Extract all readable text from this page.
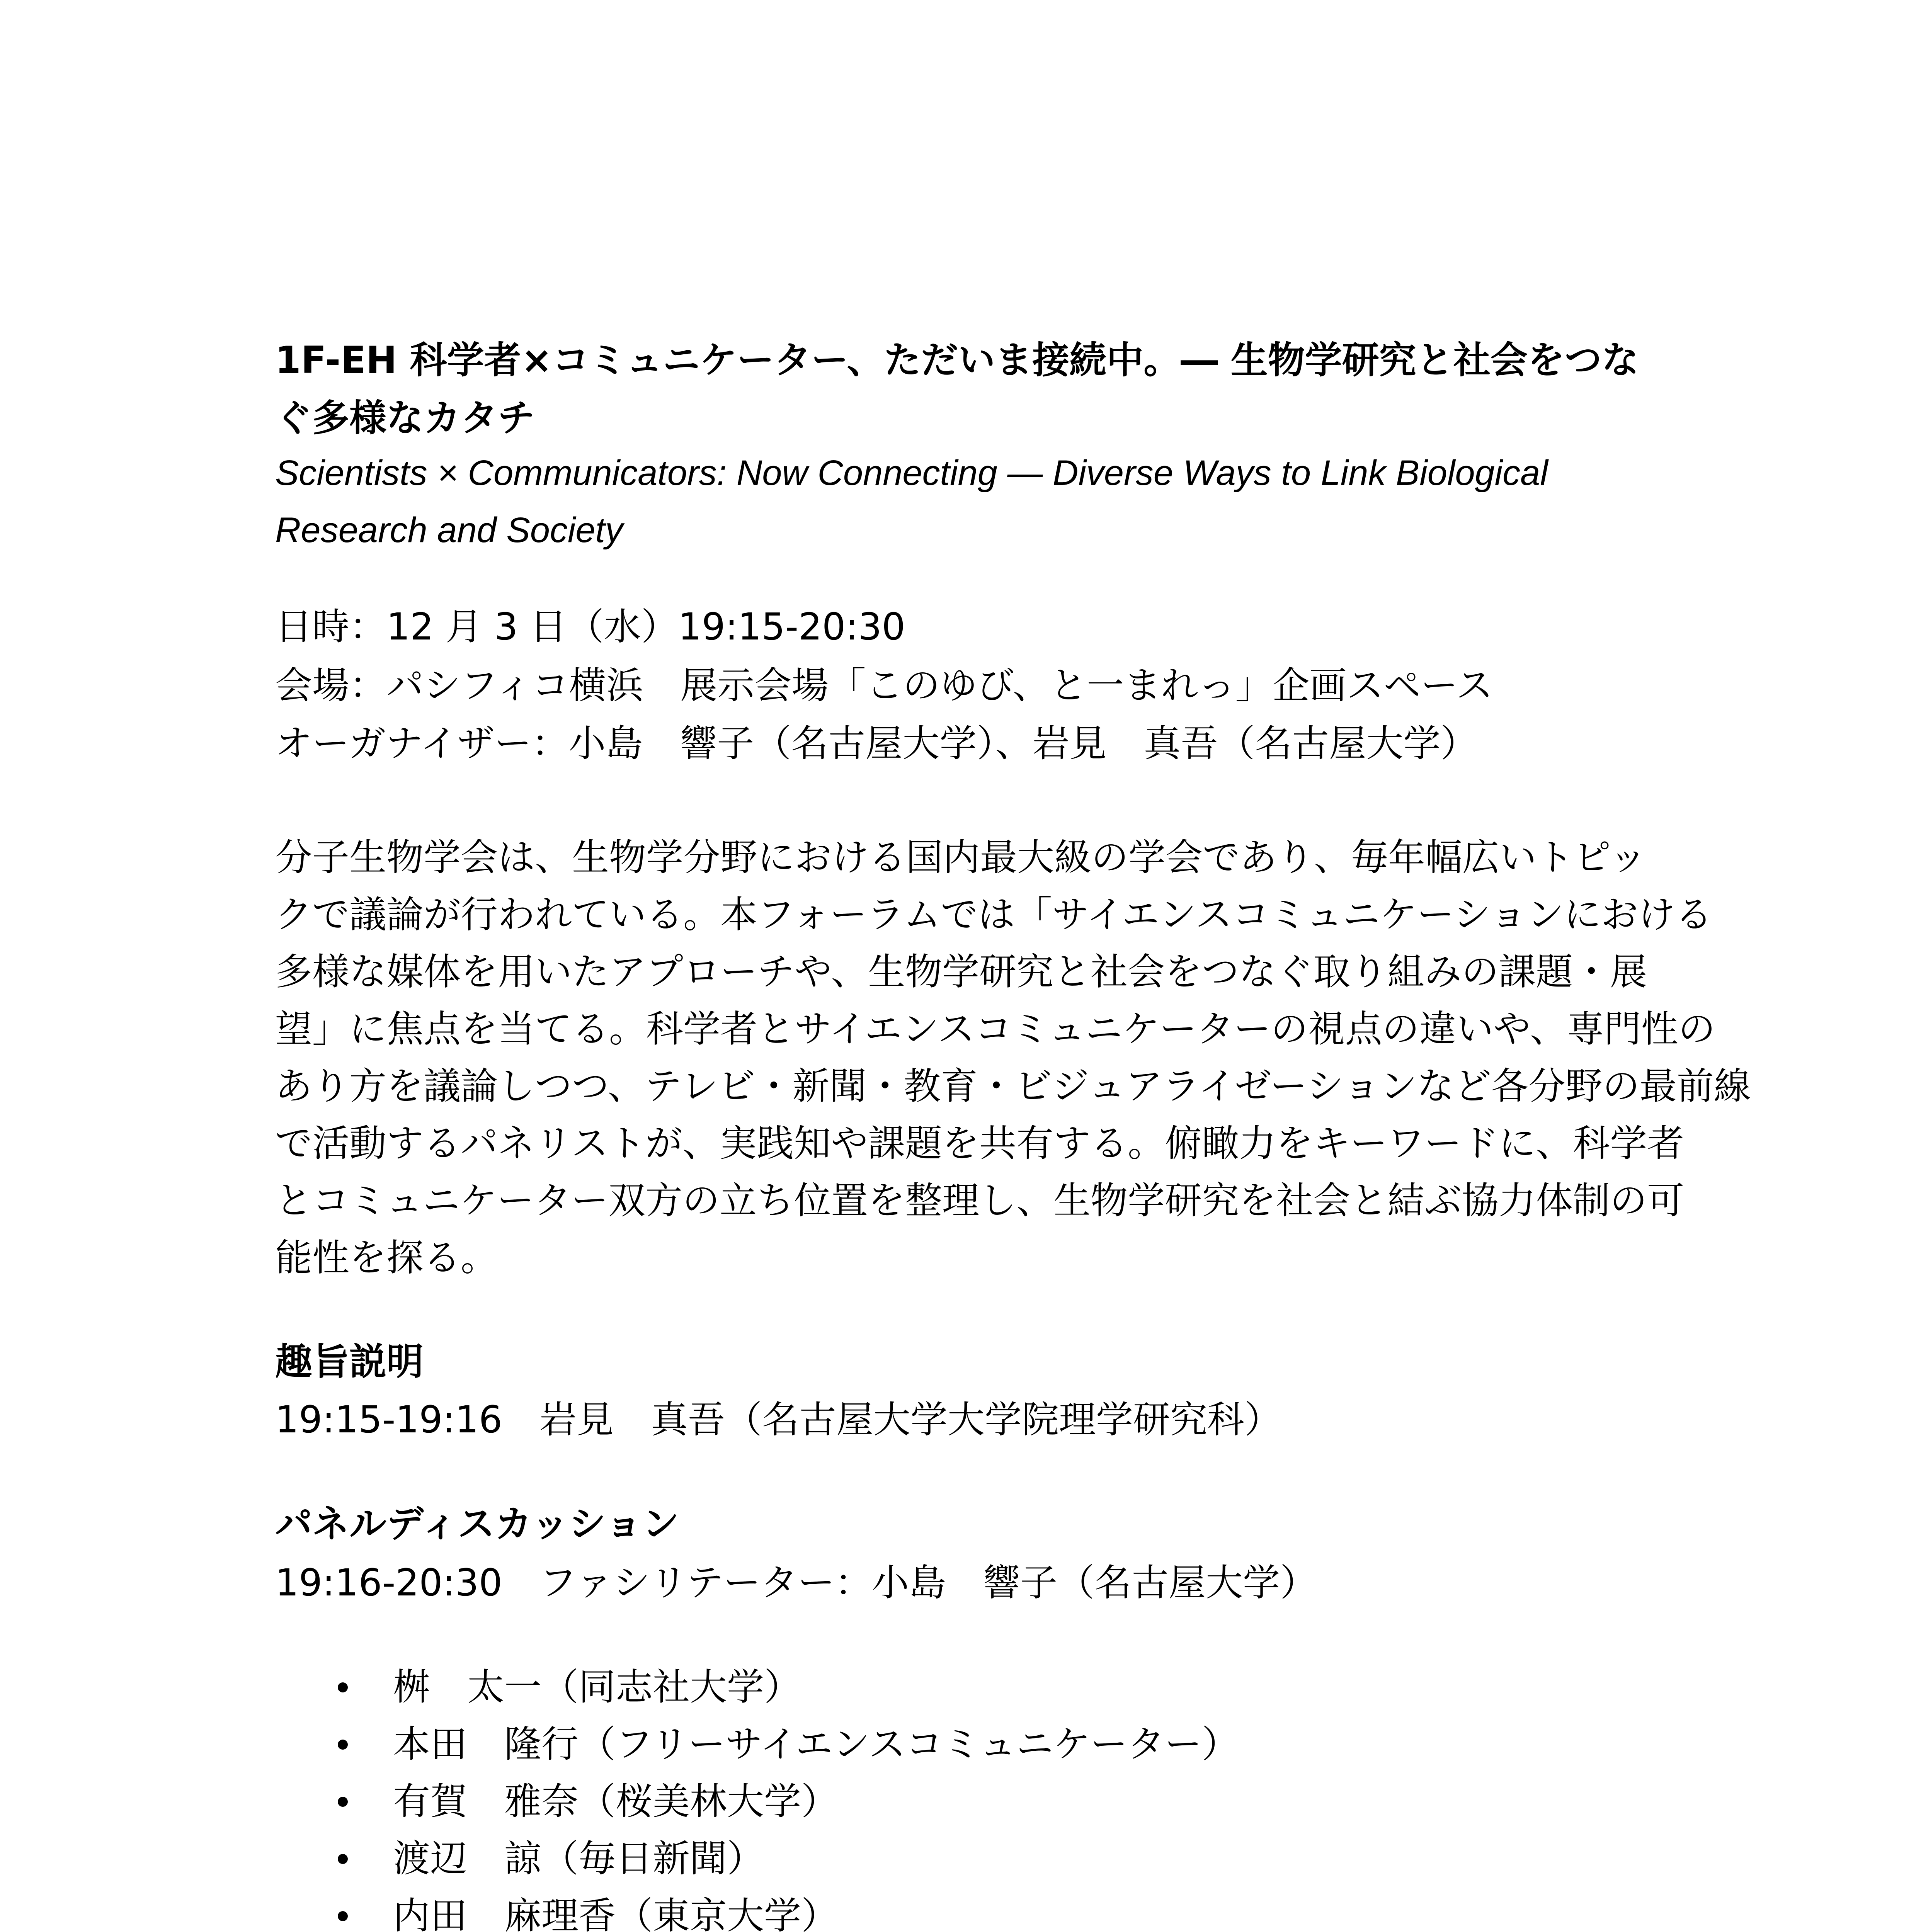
1F-EH 科学者×コミュニケーター、ただいま接続中。― 生物学研究と社会をつな
ぐ多様なカタチ
Scientists × Communicators: Now Connecting ― Diverse Ways to Link Biological
Research and Society
日時：12 月 3 日（水）19:15-20:30
会場：パシフィコ横浜　展示会場「このゆび、と一まれっ」企画スペース
オーガナイザー：小島　響子（名古屋大学）、岩見　真吾（名古屋大学）
分子生物学会は、生物学分野における国内最大級の学会であり、毎年幅広いトピッ
クで議論が行われている。本フォーラムでは「サイエンスコミュニケーションにおける
多様な媒体を用いたアプローチや、生物学研究と社会をつなぐ取り組みの課題・展
望」に焦点を当てる。科学者とサイエンスコミュニケーターの視点の違いや、専門性の
あり方を議論しつつ、テレビ・新聞・教育・ビジュアライゼーションなど各分野の最前線
で活動するパネリストが、実践知や課題を共有する。俯瞰力をキーワードに、科学者
とコミュニケーター双方の立ち位置を整理し、生物学研究を社会と結ぶ協力体制の可
能性を探る。
趣旨説明
19:15-19:16　岩見　真吾（名古屋大学大学院理学研究科）
パネルディスカッション
19:16-20:30　ファシリテーター：小島　響子（名古屋大学）
桝　太一（同志社大学）
本田　隆行（フリーサイエンスコミュニケーター）
有賀　雅奈（桜美林大学）
渡辺　諒（毎日新聞）
内田　麻理香（東京大学）
